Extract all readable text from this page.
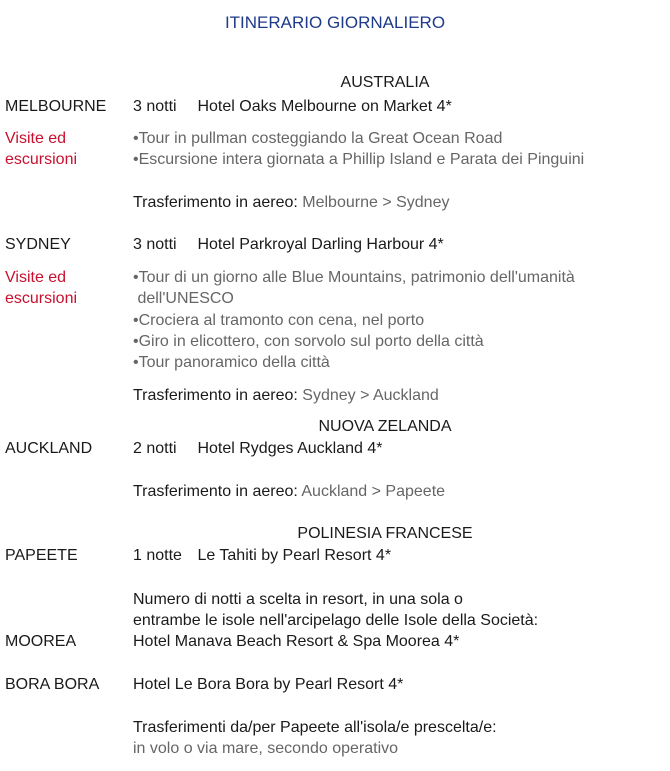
ITINERARIO GIORNALIERO
AUSTRALIA
MELBOURNE 3 notti Hotel Oaks Melbourne on Market 4*
Visite ed
escursioni
•Tour in pullman costeggiando la Great Ocean Road
•Escursione intera giornata a Phillip Island e Parata dei Pinguini
Trasferimento in aereo: Melbourne > Sydney
SYDNEY	3 notti Hotel Parkroyal Darling Harbour 4*
Visite ed
escursioni
•Tour di un giorno alle Blue Mountains, patrimonio dell'umanità
dell'UNESCO
•Crociera al tramonto con cena, nel porto
•Giro in elicottero, con sorvolo sul porto della città
•Tour panoramico della città
Trasferimento in aereo: Sydney > Auckland
NUOVA ZELANDA
AUCKLAND	2 notti Hotel Rydges Auckland 4*
Trasferimento in aereo: Auckland > Papeete
POLINESIA FRANCESE
PAPEETE	1 notte Le Tahiti by Pearl Resort 4*
Numero di notti a scelta in resort, in una sola o
entrambe le isole nell'arcipelago delle Isole della Società:
MOOREA	Hotel Manava Beach Resort & Spa Moorea 4*
BORA BORA Hotel Le Bora Bora by Pearl Resort 4*
Trasferimenti da/per Papeete all'isola/e prescelta/e:
in volo o via mare, secondo operativo
